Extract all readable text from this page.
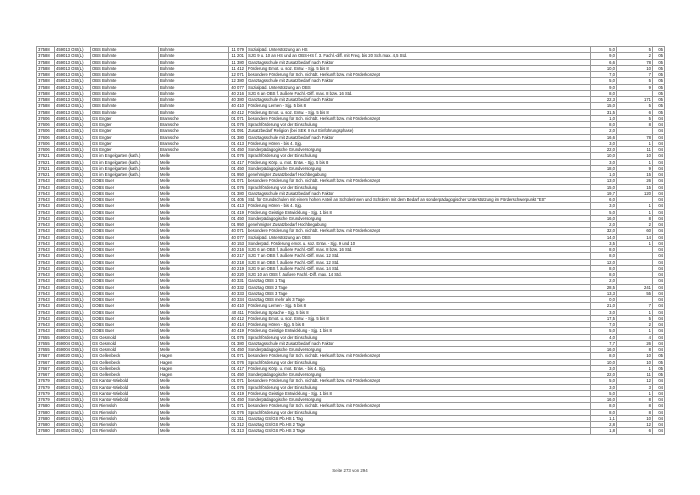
37588	459013 OSt(L)	OBS Bohmte	Bohmte	11 079	Sozialpäd. Unterstützung an HS	5,0	5	05
37588	459013 OSt(L)	OBS Bohmte	Bohmte	11 201	SJG 9 u. 10 an HS und an OBS-HS f. 3. Fachl.-diff. mit Freq. bis 20 Sch.max. 4,5 Std.	9,0	2	05
37588	459013 OSt(L)	OBS Bohmte	Bohmte	11 380	Ganztagsschule mit Zusatzbedarf nach Faktor	6,6	78	05
37588	459013 OSt(L)	OBS Bohmte	Bohmte	11 412	Förderung Emot. u. soz. Entw. - Sjg. 5 bis 8	10,0	10	05
37588	459013 OSt(L)	OBS Bohmte	Bohmte	12 071	besondere Förderung für Sch. nichtdt. Herkunft bzw. mit Förderkonzept	7,0	7	05
37588	459013 OSt(L)	OBS Bohmte	Bohmte	12 380	Ganztagsschule mit Zusatzbedarf nach Faktor	5,0	5	05
37588	459013 OSt(L)	OBS Bohmte	Bohmte	40 077	Sozialpäd. Unterstützung an OBS	9,0	9	05
37588	459013 OSt(L)	OBS Bohmte	Bohmte	40 216	SJG 6 an OBS f. äußere Fachl.-Diff. max. 8 bzw. 16 Std.	8,0		05
37588	459013 OSt(L)	OBS Bohmte	Bohmte	40 380	Ganztagsschule mit Zusatzbedarf nach Faktor	22,3	171	05
37588	459013 OSt(L)	OBS Bohmte	Bohmte	40 410	Förderung Lernen - Sjg. 5 bis 8	15,0	5	05
37588	459013 OSt(L)	OBS Bohmte	Bohmte	40 412	Förderung Emot. u. soz. Entw. - Sjg. 5 bis 8	31,5	6	05
37606	459014 OSt(L)	GS Engter	Bramsche	01 071	besondere Förderung für Sch. nichtdt. Herkunft bzw. mit Förderkonzept	1,0	5	04
37606	459014 OSt(L)	GS Engter	Bramsche	01 076	Sprachförderung vor der Einschulung	8,0	8	04
37606	459014 OSt(L)	GS Engter	Bramsche	01 091	Zusatzbedarf Religion (bei SEK II nur Einführungsphase)	2,0		04
37606	459014 OSt(L)	GS Engter	Bramsche	01 380	Ganztagsschule mit Zusatzbedarf nach Faktor	16,6	78	04
37606	459014 OSt(L)	GS Engter	Bramsche	01 413	Förderung Hören - bis 4. Sjg.	3,0	1	04
37606	459014 OSt(L)	GS Engter	Bramsche	01 450	Sonderpädagogische Grundversorgung	22,0	11	04
37621	459026 OSt(L)	GS im Engelgarten (kath.)	Melle	01 076	Sprachförderung vor der Einschulung	10,0	10	04
37621	459026 OSt(L)	GS im Engelgarten (kath.)	Melle	01 417	Förderung Körp. u. mot. Entw. - Sjg. 5 bis 8	3,0	1	04
37621	459026 OSt(L)	GS im Engelgarten (kath.)	Melle	01 450	Sonderpädagogische Grundversorgung	18,0	9	04
37621	459026 OSt(L)	GS im Engelgarten (kath.)	Melle	01 950	genehmigter Zusatzbedarf Hochbegabung	1,0	15	04
37643	459024 OSt(L)	GOBS Buer	Melle	01 071	besondere Förderung für Sch. nichtdt. Herkunft bzw. mit Förderkonzept	13,0	26	04
37643	459024 OSt(L)	GOBS Buer	Melle	01 076	Sprachförderung vor der Einschulung	15,0	15	04
37643	459024 OSt(L)	GOBS Buer	Melle	01 380	Ganztagsschule mit Zusatzbedarf nach Faktor	19,7	120	04
37643	459024 OSt(L)	GOBS Buer	Melle	01 405	Std. für Grundschulen mit einem hohen Anteil an Schülerinnen und Schülern mit dem Bedarf an sonderpädagogischer Unterstützung im Förderschwerpunkt "ES"	6,0		04
37643	459024 OSt(L)	GOBS Buer	Melle	01 413	Förderung Hören - bis 4. Sjg.	3,0	1	04
37643	459024 OSt(L)	GOBS Buer	Melle	01 419	Förderung Geistige Entwicklung - Sjg. 1 bis 8	5,0	1	04
37643	459024 OSt(L)	GOBS Buer	Melle	01 450	Sonderpädagogische Grundversorgung	16,0	8	04
37643	459024 OSt(L)	GOBS Buer	Melle	01 950	genehmigter Zusatzbedarf Hochbegabung	2,0	2	04
37643	459024 OSt(L)	GOBS Buer	Melle	40 071	besondere Förderung für Sch. nichtdt. Herkunft bzw. mit Förderkonzept	32,0	60	04
37643	459024 OSt(L)	GOBS Buer	Melle	40 077	Sozialpäd. Unterstützung an OBS	14,0	14	04
37643	459024 OSt(L)	GOBS Buer	Melle	40 153	Sonderpäd. Förderung emot. u. soz. Entw. - Sjg. 9 und 10	3,5	1	04
37643	459024 OSt(L)	GOBS Buer	Melle	40 216	SJG 6 an OBS f. äußere Fachl.-Diff. max. 8 bzw. 16 Std.	8,0		04
37643	459024 OSt(L)	GOBS Buer	Melle	40 217	SJG 7 an OBS f. äußere Fachl.-Diff. max. 12 Std.	8,0		04
37643	459024 OSt(L)	GOBS Buer	Melle	40 218	SJG 8 an OBS f. äußere Fachl.-Diff. max. 12 Std.	12,0		04
37643	459024 OSt(L)	GOBS Buer	Melle	40 219	SJG 9 an OBS f. äußere Fachl.-Diff. max. 14 Std.	8,0		04
37643	459024 OSt(L)	GOBS Buer	Melle	40 220	SJG 10 an OBS f. äußere Fachl.-Diff. max. 14 Std.	8,0		04
37643	459024 OSt(L)	GOBS Buer	Melle	40 331	Ganztag OBS 1 Tag	2,0		04
37643	459024 OSt(L)	GOBS Buer	Melle	40 332	Ganztag OBS 2 Tage	28,5	241	04
37643	459024 OSt(L)	GOBS Buer	Melle	40 333	Ganztag OBS 3 Tage	13,3	55	04
37643	459024 OSt(L)	GOBS Buer	Melle	40 334	Ganztag OBS mehr als 3 Tage	0,0		04
37643	459024 OSt(L)	GOBS Buer	Melle	40 410	Förderung Lernen - Sjg. 5 bis 8	21,0	7	04
37643	459024 OSt(L)	GOBS Buer	Melle	40 411	Förderung Sprache - Sjg. 5 bis 8	3,0	1	04
37643	459024 OSt(L)	GOBS Buer	Melle	40 412	Förderung Emot. u. soz. Entw. - Sjg. 5 bis 8	17,5	5	04
37643	459024 OSt(L)	GOBS Buer	Melle	40 414	Förderung Hören - Sjg. 5 bis 8	7,0	2	04
37643	459024 OSt(L)	GOBS Buer	Melle	40 419	Förderung Geistige Entwicklung - Sjg. 1 bis 8	5,0	1	04
37655	459004 OSt(L)	GS Gesmold	Melle	01 076	Sprachförderung vor der Einschulung	4,0	4	04
37655	459004 OSt(L)	GS Gesmold	Melle	01 380	Ganztagsschule mit Zusatzbedarf nach Faktor	7,7	26	04
37655	459004 OSt(L)	GS Gesmold	Melle	01 450	Sonderpädagogische Grundversorgung	16,0	8	04
37667	459020 OSt(L)	GS Gellenbeck	Hagen	01 071	besondere Förderung für Sch. nichtdt. Herkunft bzw. mit Förderkonzept	8,0	10	05
37667	459020 OSt(L)	GS Gellenbeck	Hagen	01 076	Sprachförderung vor der Einschulung	10,0	10	05
37667	459020 OSt(L)	GS Gellenbeck	Hagen	01 417	Förderung Körp. u. mot. Entw. - bis 4. Sjg.	3,0	1	05
37667	459020 OSt(L)	GS Gellenbeck	Hagen	01 450	Sonderpädagogische Grundversorgung	22,0	11	05
37679	459024 OSt(L)	GS Kantor-Wiebold	Melle	01 071	besondere Förderung für Sch. nichtdt. Herkunft bzw. mit Förderkonzept	5,0	12	04
37679	459024 OSt(L)	GS Kantor-Wiebold	Melle	01 076	Sprachförderung vor der Einschulung	3,0	3	04
37679	459024 OSt(L)	GS Kantor-Wiebold	Melle	01 419	Förderung Geistige Entwicklung - Sjg. 1 bis 8	5,0	1	04
37679	459024 OSt(L)	GS Kantor-Wiebold	Melle	01 450	Sonderpädagogische Grundversorgung	16,0	8	04
37680	459024 OSt(L)	GS Riemsloh	Melle	01 071	besondere Förderung für Sch. nichtdt. Herkunft bzw. mit Förderkonzept	8,0	8	04
37680	459024 OSt(L)	GS Riemsloh	Melle	01 076	Sprachförderung vor der Einschulung	8,0	8	04
37680	459024 OSt(L)	GS Riemsloh	Melle	01 311	Ganztag GS/GS Pb.HS 1 Tag	1,1	10	04
37680	459024 OSt(L)	GS Riemsloh	Melle	01 312	Ganztag GS/GS Pb.HS 2 Tage	2,8	12	04
37680	459024 OSt(L)	GS Riemsloh	Melle	01 313	Ganztag GS/GS Pb.HS 3 Tage	1,8	6	04
Seite 273 von 294
